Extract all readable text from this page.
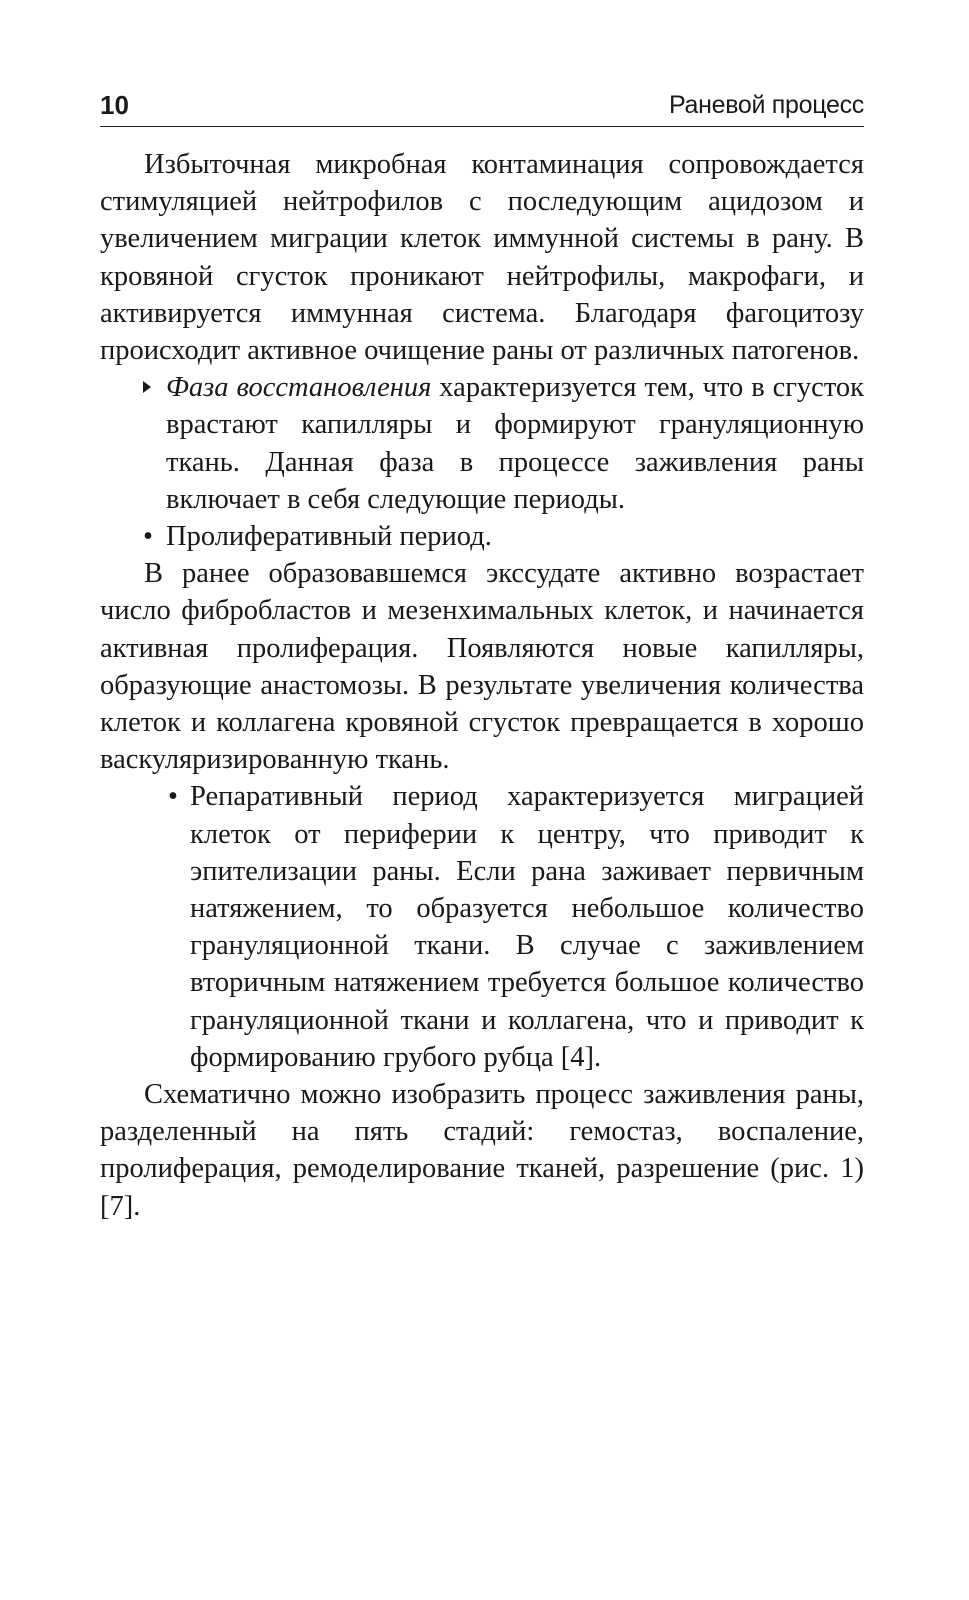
10	Раневой процесс

Избыточная микробная контаминация сопровождается стимуляцией нейтрофилов с последующим ацидозом и увеличением миграции клеток иммунной системы в рану. В кровяной сгусток проникают нейтрофилы, макрофаги, и активируется иммунная система. Благодаря фагоцитозу происходит активное очищение раны от различных патогенов.

Фаза восстановления характеризуется тем, что в сгусток врастают капилляры и формируют грануляционную ткань. Данная фаза в процессе заживления раны включает в себя следующие периоды.

• Пролиферативный период.

В ранее образовавшемся экссудате активно возрастает число фибробластов и мезенхимальных клеток, и начинается активная пролиферация. Появляются новые капилляры, образующие анастомозы. В результате увеличения количества клеток и коллагена кровяной сгусток превращается в хорошо васкуляризированную ткань.

• Репаративный период характеризуется миграцией клеток от периферии к центру, что приводит к эпителизации раны. Если рана заживает первичным натяжением, то образуется небольшое количество грануляционной ткани. В случае с заживлением вторичным натяжением требуется большое количество грануляционной ткани и коллагена, что и приводит к формированию грубого рубца [4].

Схематично можно изобразить процесс заживления раны, разделенный на пять стадий: гемостаз, воспаление, пролиферация, ремоделирование тканей, разрешение (рис. 1) [7].
